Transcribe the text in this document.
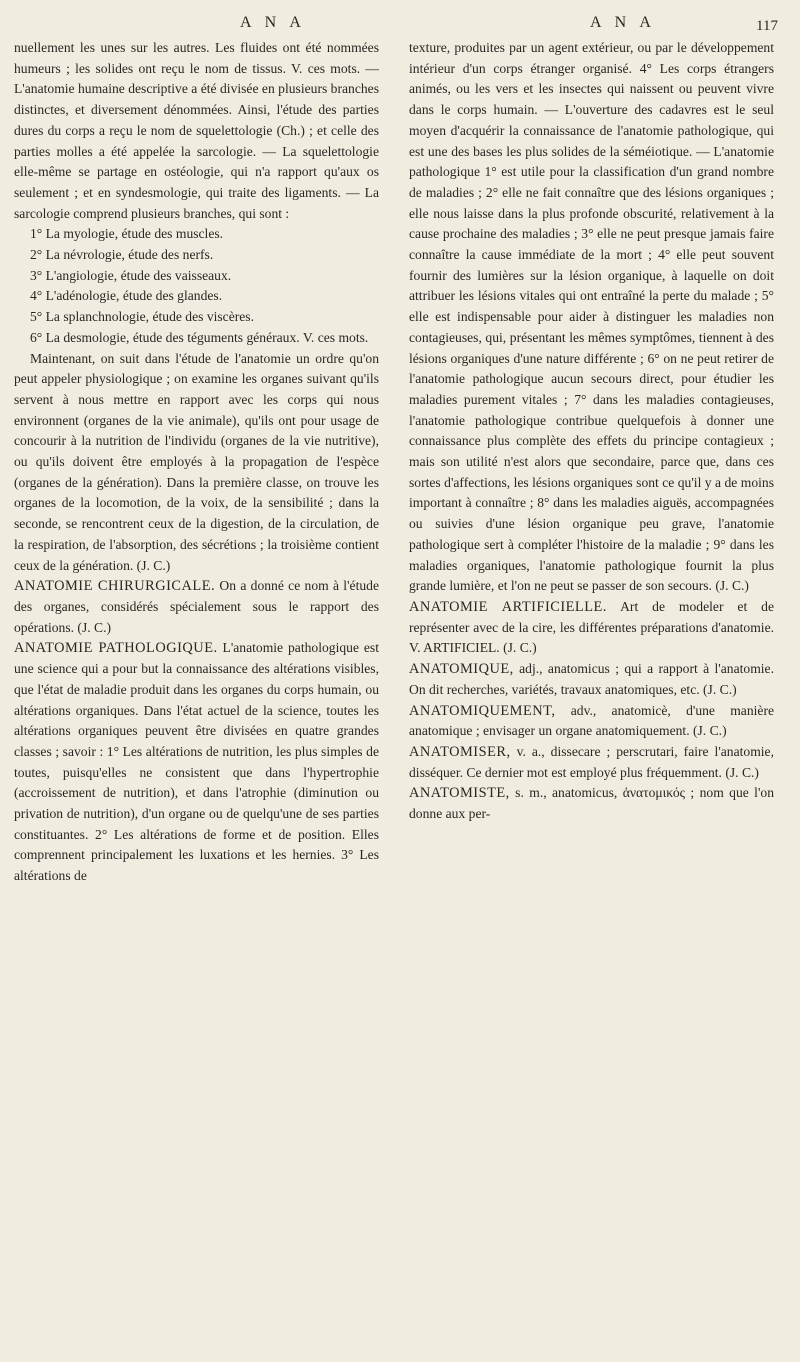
A N A	A N A	117

nuellement les unes sur les autres. Les fluides ont été nommées humeurs ; les solides ont reçu le nom de tissus. V. ces mots. — L'anatomie humaine descriptive a été divisée en plusieurs branches distinctes, et diversement dénommées. Ainsi, l'étude des parties dures du corps a reçu le nom de squelettologie (Ch.) ; et celle des parties molles a été appelée la sarcologie. — La squelettologie elle-même se partage en ostéologie, qui n'a rapport qu'aux os seulement ; et en syndesmologie, qui traite des ligaments. — La sarcologie comprend plusieurs branches, qui sont :

1° La myologie, étude des muscles.

2° La névrologie, étude des nerfs.

3° L'angiologie, étude des vaisseaux.

4° L'adénologie, étude des glandes.

5° La splanchnologie, étude des viscères.

6° La desmologie, étude des téguments généraux. V. ces mots.

Maintenant, on suit dans l'étude de l'anatomie un ordre qu'on peut appeler physiologique ; on examine les organes suivant qu'ils servent à nous mettre en rapport avec les corps qui nous environnent (organes de la vie animale), qu'ils ont pour usage de concourir à la nutrition de l'individu (organes de la vie nutritive), ou qu'ils doivent être employés à la propagation de l'espèce (organes de la génération). Dans la première classe, on trouve les organes de la locomotion, de la voix, de la sensibilité ; dans la seconde, se rencontrent ceux de la digestion, de la circulation, de la respiration, de l'absorption, des sécrétions ; la troisième contient ceux de la génération. (J. C.)

ANATOMIE CHIRURGICALE. On a donné ce nom à l'étude des organes, considérés spécialement sous le rapport des opérations. (J. C.)

ANATOMIE PATHOLOGIQUE. L'anatomie pathologique est une science qui a pour but la connaissance des altérations visibles, que l'état de maladie produit dans les organes du corps humain, ou altérations organiques. Dans l'état actuel de la science, toutes les altérations organiques peuvent être divisées en quatre grandes classes ; savoir : 1° Les altérations de nutrition, les plus simples de toutes, puisqu'elles ne consistent que dans l'hypertrophie (accroissement de nutrition), et dans l'atrophie (diminution ou privation de nutrition), d'un organe ou de quelqu'une de ses parties constituantes. 2° Les altérations de forme et de position. Elles comprennent principalement les luxations et les hernies. 3° Les altérations de

texture, produites par un agent extérieur, ou par le développement intérieur d'un corps étranger organisé. 4° Les corps étrangers animés, ou les vers et les insectes qui naissent ou peuvent vivre dans le corps humain. — L'ouverture des cadavres est le seul moyen d'acquérir la connaissance de l'anatomie pathologique, qui est une des bases les plus solides de la séméiotique. — L'anatomie pathologique 1° est utile pour la classification d'un grand nombre de maladies ; 2° elle ne fait connaître que des lésions organiques ; elle nous laisse dans la plus profonde obscurité, relativement à la cause prochaine des maladies ; 3° elle ne peut presque jamais faire connaître la cause immédiate de la mort ; 4° elle peut souvent fournir des lumières sur la lésion organique, à laquelle on doit attribuer les lésions vitales qui ont entraîné la perte du malade ; 5° elle est indispensable pour aider à distinguer les maladies non contagieuses, qui, présentant les mêmes symptômes, tiennent à des lésions organiques d'une nature différente ; 6° on ne peut retirer de l'anatomie pathologique aucun secours direct, pour étudier les maladies purement vitales ; 7° dans les maladies contagieuses, l'anatomie pathologique contribue quelquefois à donner une connaissance plus complète des effets du principe contagieux ; mais son utilité n'est alors que secondaire, parce que, dans ces sortes d'affections, les lésions organiques sont ce qu'il y a de moins important à connaître ; 8° dans les maladies aiguës, accompagnées ou suivies d'une lésion organique peu grave, l'anatomie pathologique sert à compléter l'histoire de la maladie ; 9° dans les maladies organiques, l'anatomie pathologique fournit la plus grande lumière, et l'on ne peut se passer de son secours. (J. C.)

ANATOMIE ARTIFICIELLE. Art de modeler et de représenter avec de la cire, les différentes préparations d'anatomie. V. ARTIFICIEL. (J. C.)

ANATOMIQUE, adj., anatomicus ; qui a rapport à l'anatomie. On dit recherches, variétés, travaux anatomiques, etc. (J. C.)

ANATOMIQUEMENT, adv., anatomicè, d'une manière anatomique ; envisager un organe anatomiquement. (J. C.)

ANATOMISER, v. a., dissecare ; perscrutari, faire l'anatomie, disséquer. Ce dernier mot est employé plus fréquemment. (J. C.)

ANATOMISTE, s. m., anatomicus, ἀνατομικός ; nom que l'on donne aux per-
